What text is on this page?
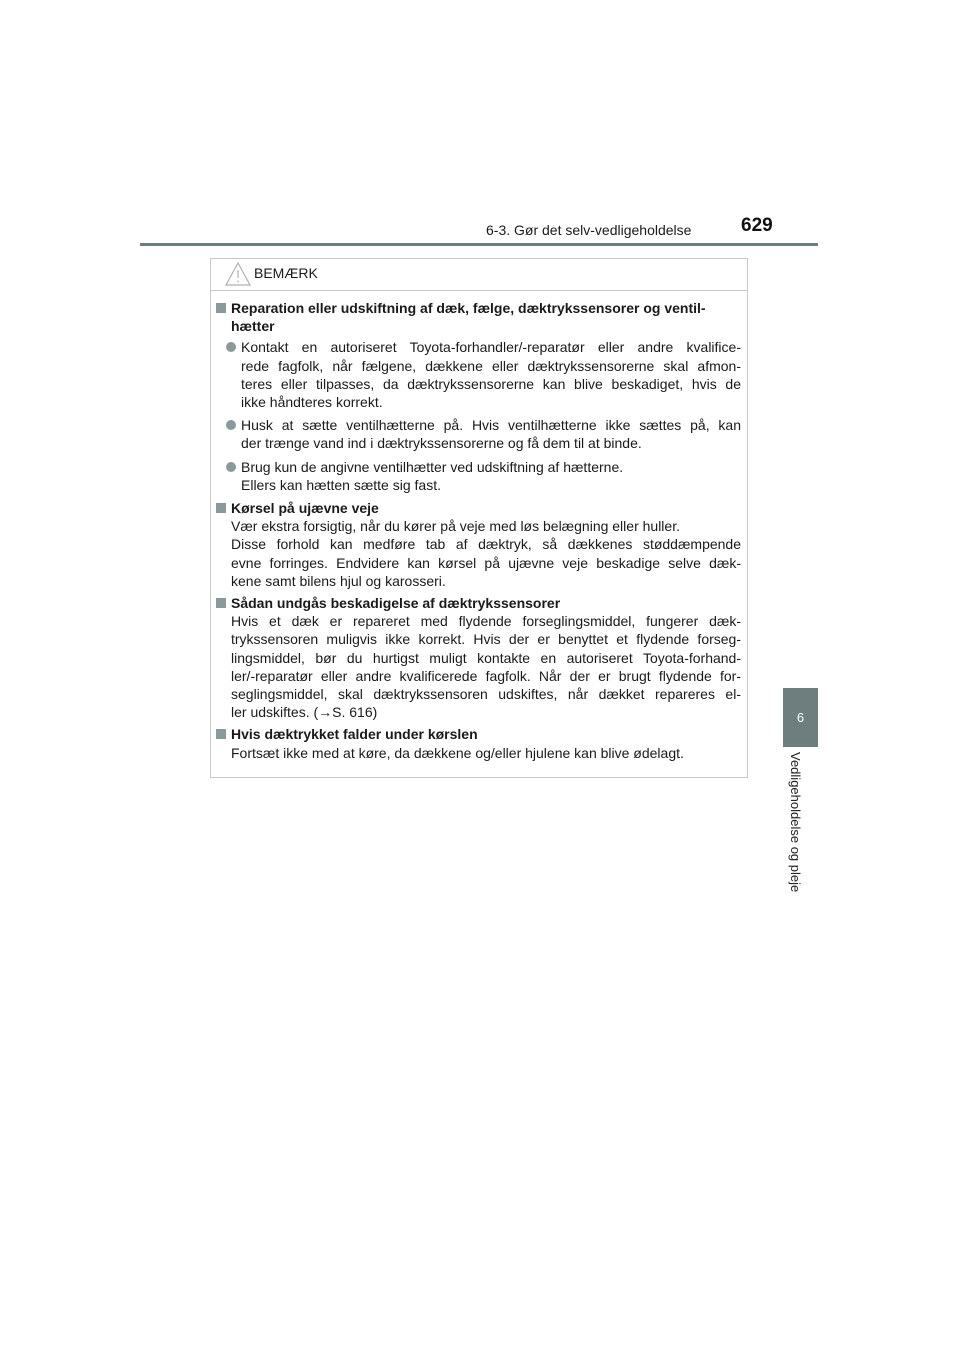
6-3. Gør det selv-vedligeholdelse	629
6
Vedligeholdelse og pleje
BEMÆRK
Reparation eller udskiftning af dæk, fælge, dæktrykssensorer og ventil-hætter
Kontakt en autoriseret Toyota-forhandler/-reparatør eller andre kvalifice-
rede fagfolk, når fælgene, dækkene eller dæktrykssensorerne skal afmon-
teres eller tilpasses, da dæktrykssensorerne kan blive beskadiget, hvis de
ikke håndteres korrekt.
Husk at sætte ventilhætterne på. Hvis ventilhætterne ikke sættes på, kan
der trænge vand ind i dæktrykssensorerne og få dem til at binde.
Brug kun de angivne ventilhætter ved udskiftning af hætterne.
Ellers kan hætten sætte sig fast.
Kørsel på ujævne veje
Vær ekstra forsigtig, når du kører på veje med løs belægning eller huller.
Disse forhold kan medføre tab af dæktryk, så dækkenes støddæmpende
evne forringes. Endvidere kan kørsel på ujævne veje beskadige selve dæk-
kene samt bilens hjul og karosseri.
Sådan undgås beskadigelse af dæktrykssensorer
Hvis et dæk er repareret med flydende forseglingsmiddel, fungerer dæk-
trykssensoren muligvis ikke korrekt. Hvis der er benyttet et flydende forseg-
lingsmiddel, bør du hurtigst muligt kontakte en autoriseret Toyota-forhand-
ler/-reparatør eller andre kvalificerede fagfolk. Når der er brugt flydende for-
seglingsmiddel, skal dæktrykssensoren udskiftes, når dækket repareres el-
ler udskiftes. (→S. 616)
Hvis dæktrykket falder under kørslen
Fortsæt ikke med at køre, da dækkene og/eller hjulene kan blive ødelagt.
